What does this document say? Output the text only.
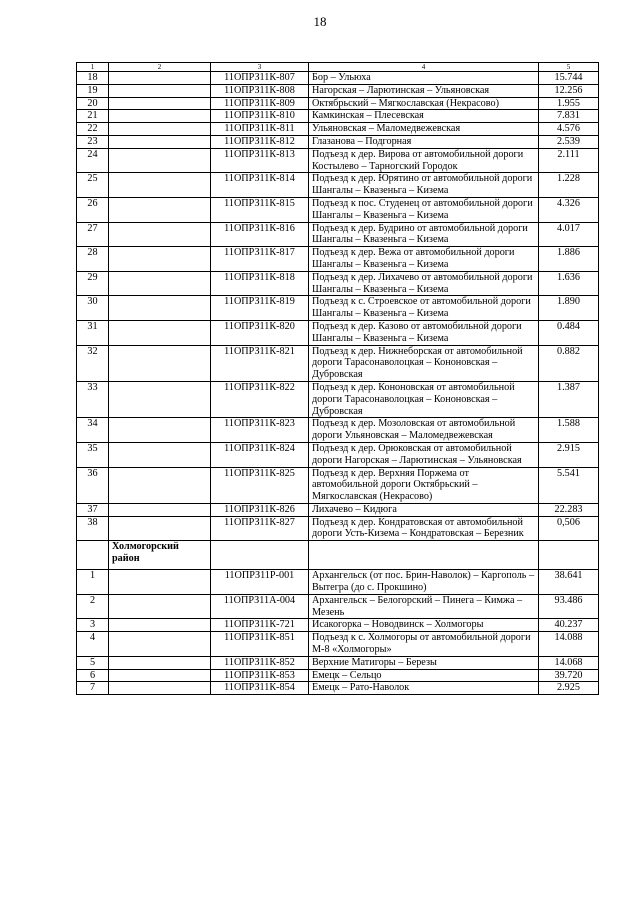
18
1	2	3	4	5
18		11ОПРЗ11К-807	Бор – Ульюха	15.744
19		11ОПРЗ11К-808	Нагорская – Ларютинская – Ульяновская	12.256
20		11ОПРЗ11К-809	Октябрьский – Мягкославская (Некрасово)	1.955
21		11ОПРЗ11К-810	Камкинская – Плесевская	7.831
22		11ОПРЗ11К-811	Ульяновская – Маломедвежевская	4.576
23		11ОПРЗ11К-812	Глазанова – Подгорная	2.539
24		11ОПРЗ11К-813	Подъезд к дер. Вирова от автомобильной дороги Костылево – Тарногский Городок	2.111
25		11ОПРЗ11К-814	Подъезд к дер. Юрятино от автомобильной дороги Шангалы – Квазеньга – Кизема	1.228
26		11ОПРЗ11К-815	Подъезд к пос. Студенец от автомобильной дороги Шангалы – Квазеньга – Кизема	4.326
27		11ОПРЗ11К-816	Подъезд к дер. Будрино от автомобильной дороги Шангалы – Квазеньга – Кизема	4.017
28		11ОПРЗ11К-817	Подъезд к дер. Вежа от автомобильной дороги Шангалы – Квазеньга – Кизема	1.886
29		11ОПРЗ11К-818	Подъезд к дер. Лихачево от автомобильной дороги Шангалы – Квазеньга – Кизема	1.636
30		11ОПРЗ11К-819	Подъезд к с. Строевское от автомобильной дороги Шангалы – Квазеньга – Кизема	1.890
31		11ОПРЗ11К-820	Подъезд к дер. Казово от автомобильной дороги Шангалы – Квазеньга – Кизема	0.484
32		11ОПРЗ11К-821	Подъезд к дер. Нижнеборская от автомобильной дороги Тарасонаволоцкая – Кононовская – Дубровская	0.882
33		11ОПРЗ11К-822	Подъезд к дер. Кононовская от автомобильной дороги Тарасонаволоцкая – Кононовская – Дубровская	1.387
34		11ОПРЗ11К-823	Подъезд к дер. Мозоловская от автомобильной дороги Ульяновская – Маломедвежевская	1.588
35		11ОПРЗ11К-824	Подъезд к дер. Орюковская от автомобильной дороги Нагорская – Ларютинская – Ульяновская	2.915
36		11ОПРЗ11К-825	Подъезд к дер. Верхняя Поржема от автомобильной дороги Октябрьский – Мягкославская (Некрасово)	5.541
37		11ОПРЗ11К-826	Лихачево – Кидюга	22.283
38		11ОПРЗ11К-827	Подъезд к дер. Кондратовская от автомобильной дороги Усть-Кизема – Кондратовская – Березник	0,506
	Холмогорский район			
1		11ОПРЗ11Р-001	Архангельск (от пос. Брин-Наволок) – Каргополь – Вытегра (до с. Прокшино)	38.641
2		11ОПРЗ11А-004	Архангельск – Белогорский – Пинега – Кимжа – Мезень	93.486
3		11ОПРЗ11К-721	Исакогорка – Новодвинск – Холмогоры	40.237
4		11ОПРЗ11К-851	Подъезд к с. Холмогоры от автомобильной дороги М-8 «Холмогоры»	14.088
5		11ОПРЗ11К-852	Верхние Матигоры – Березы	14.068
6		11ОПРЗ11К-853	Емецк – Сельцо	39.720
7		11ОПРЗ11К-854	Емецк – Рато-Наволок	2.925
